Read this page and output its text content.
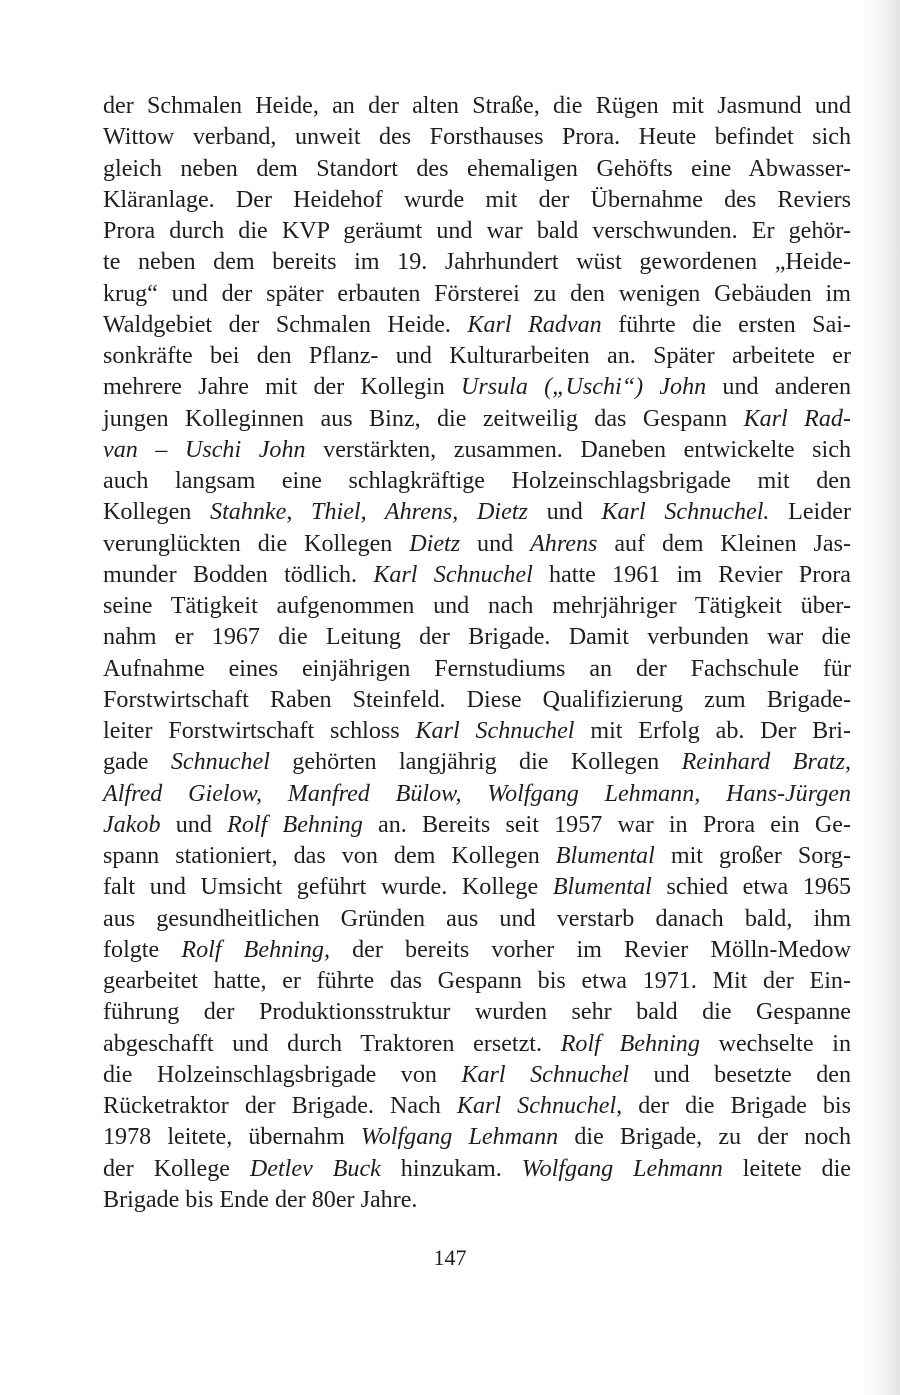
der Schmalen Heide, an der alten Straße, die Rügen mit Jasmund und
Wittow verband, unweit des Forsthauses Prora. Heute befindet sich
gleich neben dem Standort des ehemaligen Gehöfts eine Abwasser-
Kläranlage. Der Heidehof wurde mit der Übernahme des Reviers
Prora durch die KVP geräumt und war bald verschwunden. Er gehör-
te neben dem bereits im 19. Jahrhundert wüst gewordenen „Heide-
krug“ und der später erbauten Försterei zu den wenigen Gebäuden im
Waldgebiet der Schmalen Heide. Karl Radvan führte die ersten Sai-
sonkräfte bei den Pflanz- und Kulturarbeiten an. Später arbeitete er
mehrere Jahre mit der Kollegin Ursula („Uschi“) John und anderen
jungen Kolleginnen aus Binz, die zeitweilig das Gespann Karl Rad-
van – Uschi John verstärkten, zusammen. Daneben entwickelte sich
auch langsam eine schlagkräftige Holzeinschlagsbrigade mit den
Kollegen Stahnke, Thiel, Ahrens, Dietz und Karl Schnuchel. Leider
verunglückten die Kollegen Dietz und Ahrens auf dem Kleinen Jas-
munder Bodden tödlich. Karl Schnuchel hatte 1961 im Revier Prora
seine Tätigkeit aufgenommen und nach mehrjähriger Tätigkeit über-
nahm er 1967 die Leitung der Brigade. Damit verbunden war die
Aufnahme eines einjährigen Fernstudiums an der Fachschule für
Forstwirtschaft Raben Steinfeld. Diese Qualifizierung zum Brigade-
leiter Forstwirtschaft schloss Karl Schnuchel mit Erfolg ab. Der Bri-
gade Schnuchel gehörten langjährig die Kollegen Reinhard Bratz,
Alfred Gielow, Manfred Bülow, Wolfgang Lehmann, Hans-Jürgen
Jakob und Rolf Behning an. Bereits seit 1957 war in Prora ein Ge-
spann stationiert, das von dem Kollegen Blumental mit großer Sorg-
falt und Umsicht geführt wurde. Kollege Blumental schied etwa 1965
aus gesundheitlichen Gründen aus und verstarb danach bald, ihm
folgte Rolf Behning, der bereits vorher im Revier Mölln-Medow
gearbeitet hatte, er führte das Gespann bis etwa 1971. Mit der Ein-
führung der Produktionsstruktur wurden sehr bald die Gespanne
abgeschafft und durch Traktoren ersetzt. Rolf Behning wechselte in
die Holzeinschlagsbrigade von Karl Schnuchel und besetzte den
Rücketraktor der Brigade. Nach Karl Schnuchel, der die Brigade bis
1978 leitete, übernahm Wolfgang Lehmann die Brigade, zu der noch
der Kollege Detlev Buck hinzukam. Wolfgang Lehmann leitete die
Brigade bis Ende der 80er Jahre.
147
